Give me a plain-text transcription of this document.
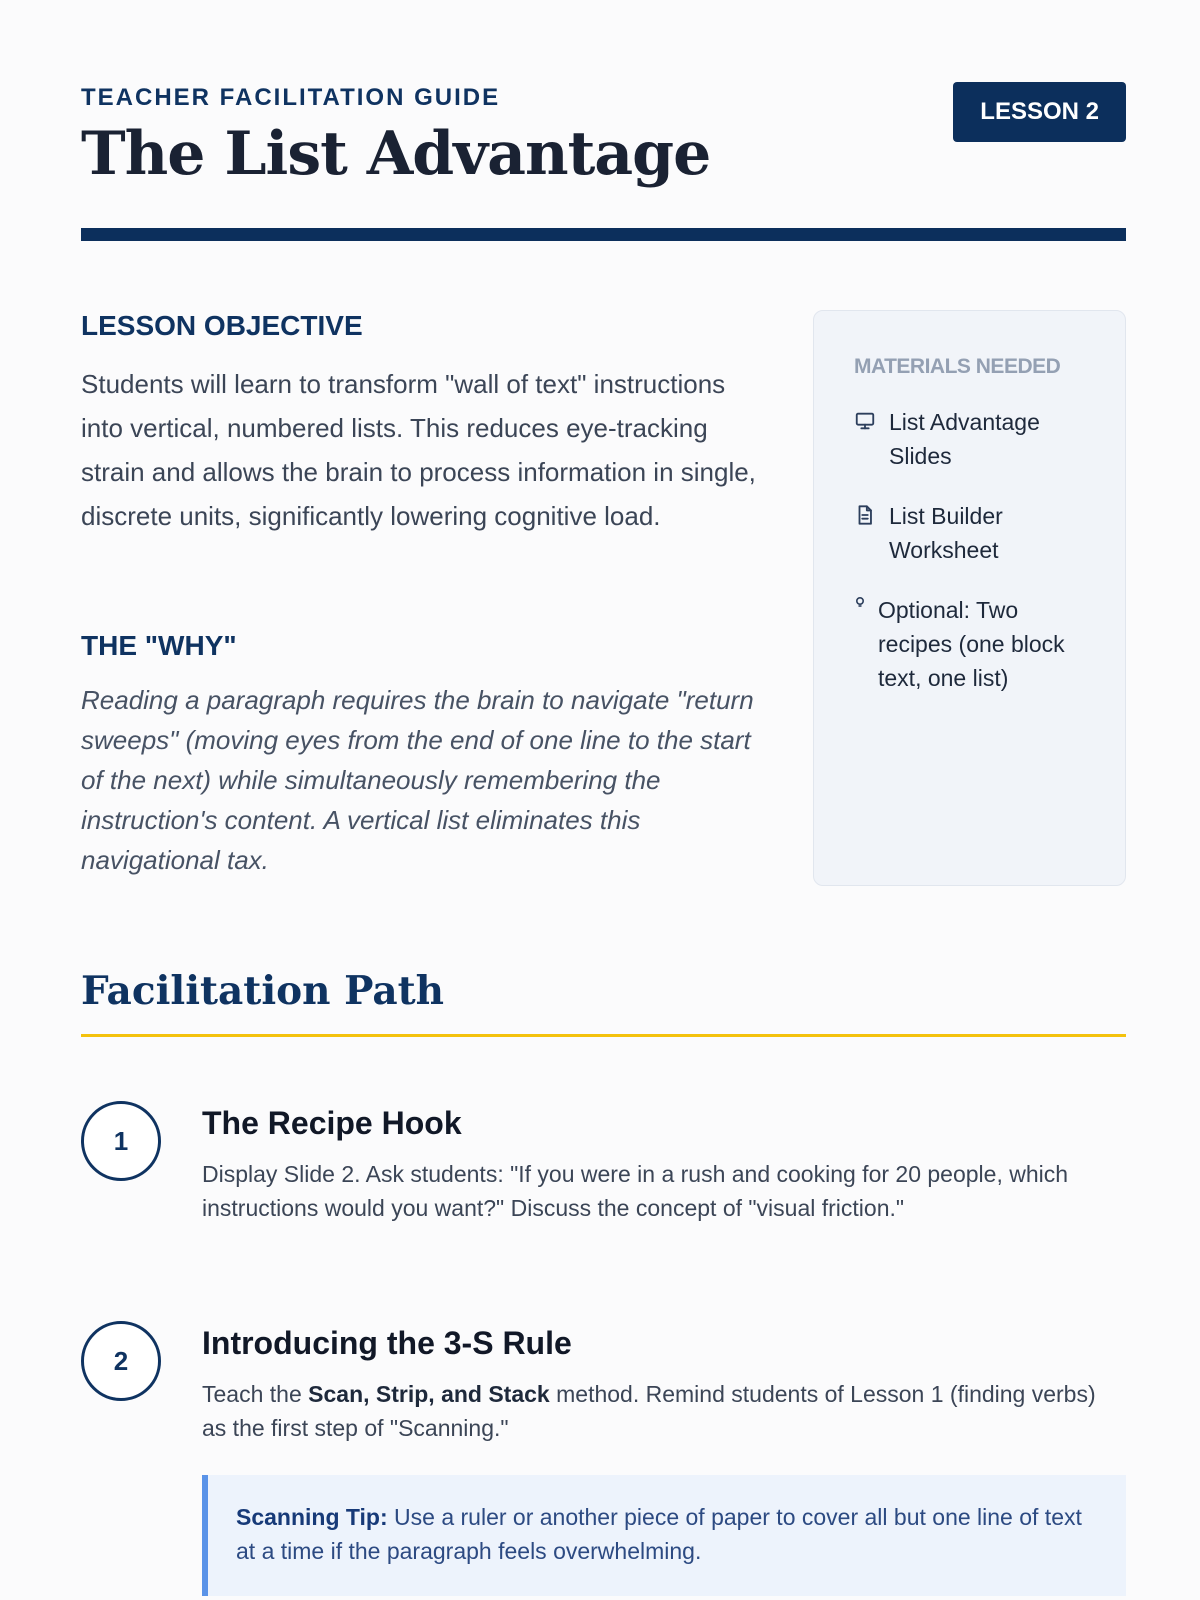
TEACHER FACILITATION GUIDE
The List Advantage
LESSON 2
LESSON OBJECTIVE

Students will learn to transform "wall of text" instructions into vertical, numbered lists. This reduces eye-tracking strain and allows the brain to process information in single, discrete units, significantly lowering cognitive load.

THE "WHY"

Reading a paragraph requires the brain to navigate "return sweeps" (moving eyes from the end of one line to the start of the next) while simultaneously remembering the instruction's content. A vertical list eliminates this navigational tax.

MATERIALS NEEDED
List Advantage Slides
List Builder Worksheet
Optional: Two recipes (one block text, one list)
Facilitation Path
1	The Recipe Hook

Display Slide 2. Ask students: "If you were in a rush and cooking for 20 people, which instructions would you want?" Discuss the concept of "visual friction."

2	Introducing the 3-S Rule

Teach the Scan, Strip, and Stack method. Remind students of Lesson 1 (finding verbs) as the first step of "Scanning."

Scanning Tip: Use a ruler or another piece of paper to cover all but one line of text at a time if the paragraph feels overwhelming.
